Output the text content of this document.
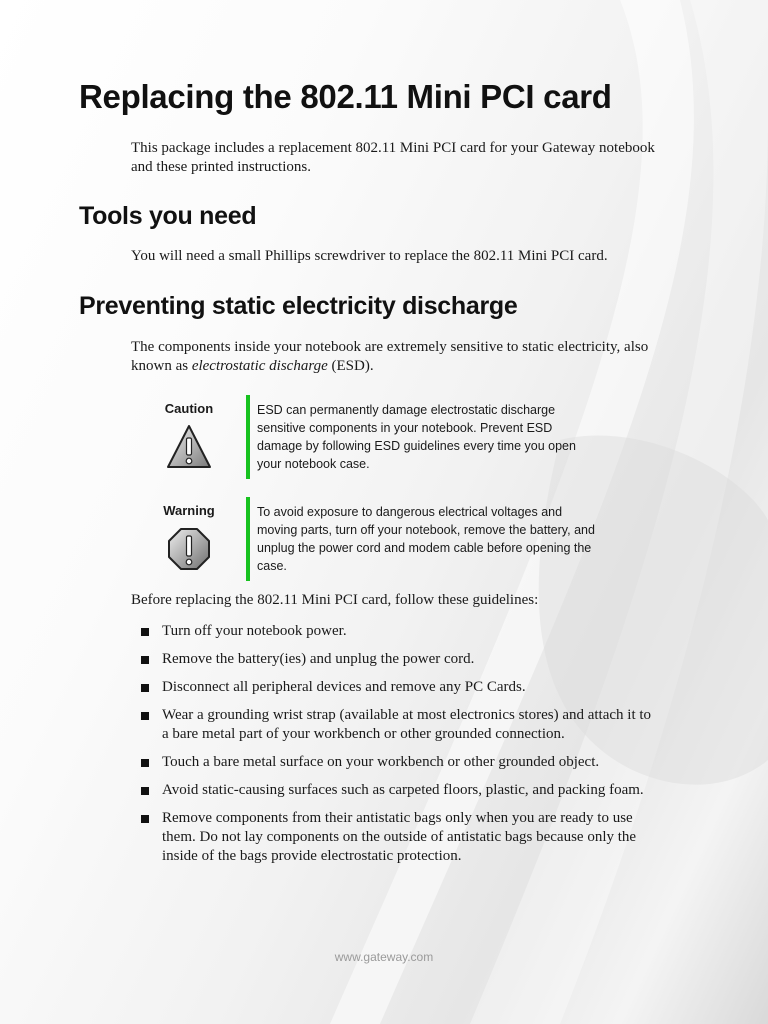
Replacing the 802.11 Mini PCI card

This package includes a replacement 802.11 Mini PCI card for your Gateway notebook and these printed instructions.

Tools you need

You will need a small Phillips screwdriver to replace the 802.11 Mini PCI card.

Preventing static electricity discharge

The components inside your notebook are extremely sensitive to static electricity, also known as electrostatic discharge (ESD).

Caution	ESD can permanently damage electrostatic discharge sensitive components in your notebook. Prevent ESD damage by following ESD guidelines every time you open your notebook case.
Warning	To avoid exposure to dangerous electrical voltages and moving parts, turn off your notebook, remove the battery, and unplug the power cord and modem cable before opening the case.

Before replacing the 802.11 Mini PCI card, follow these guidelines:

Turn off your notebook power.
Remove the battery(ies) and unplug the power cord.
Disconnect all peripheral devices and remove any PC Cards.
Wear a grounding wrist strap (available at most electronics stores) and attach it to a bare metal part of your workbench or other grounded connection.
Touch a bare metal surface on your workbench or other grounded object.
Avoid static-causing surfaces such as carpeted floors, plastic, and packing foam.
Remove components from their antistatic bags only when you are ready to use them. Do not lay components on the outside of antistatic bags because only the inside of the bags provide electrostatic protection.
www.gateway.com
